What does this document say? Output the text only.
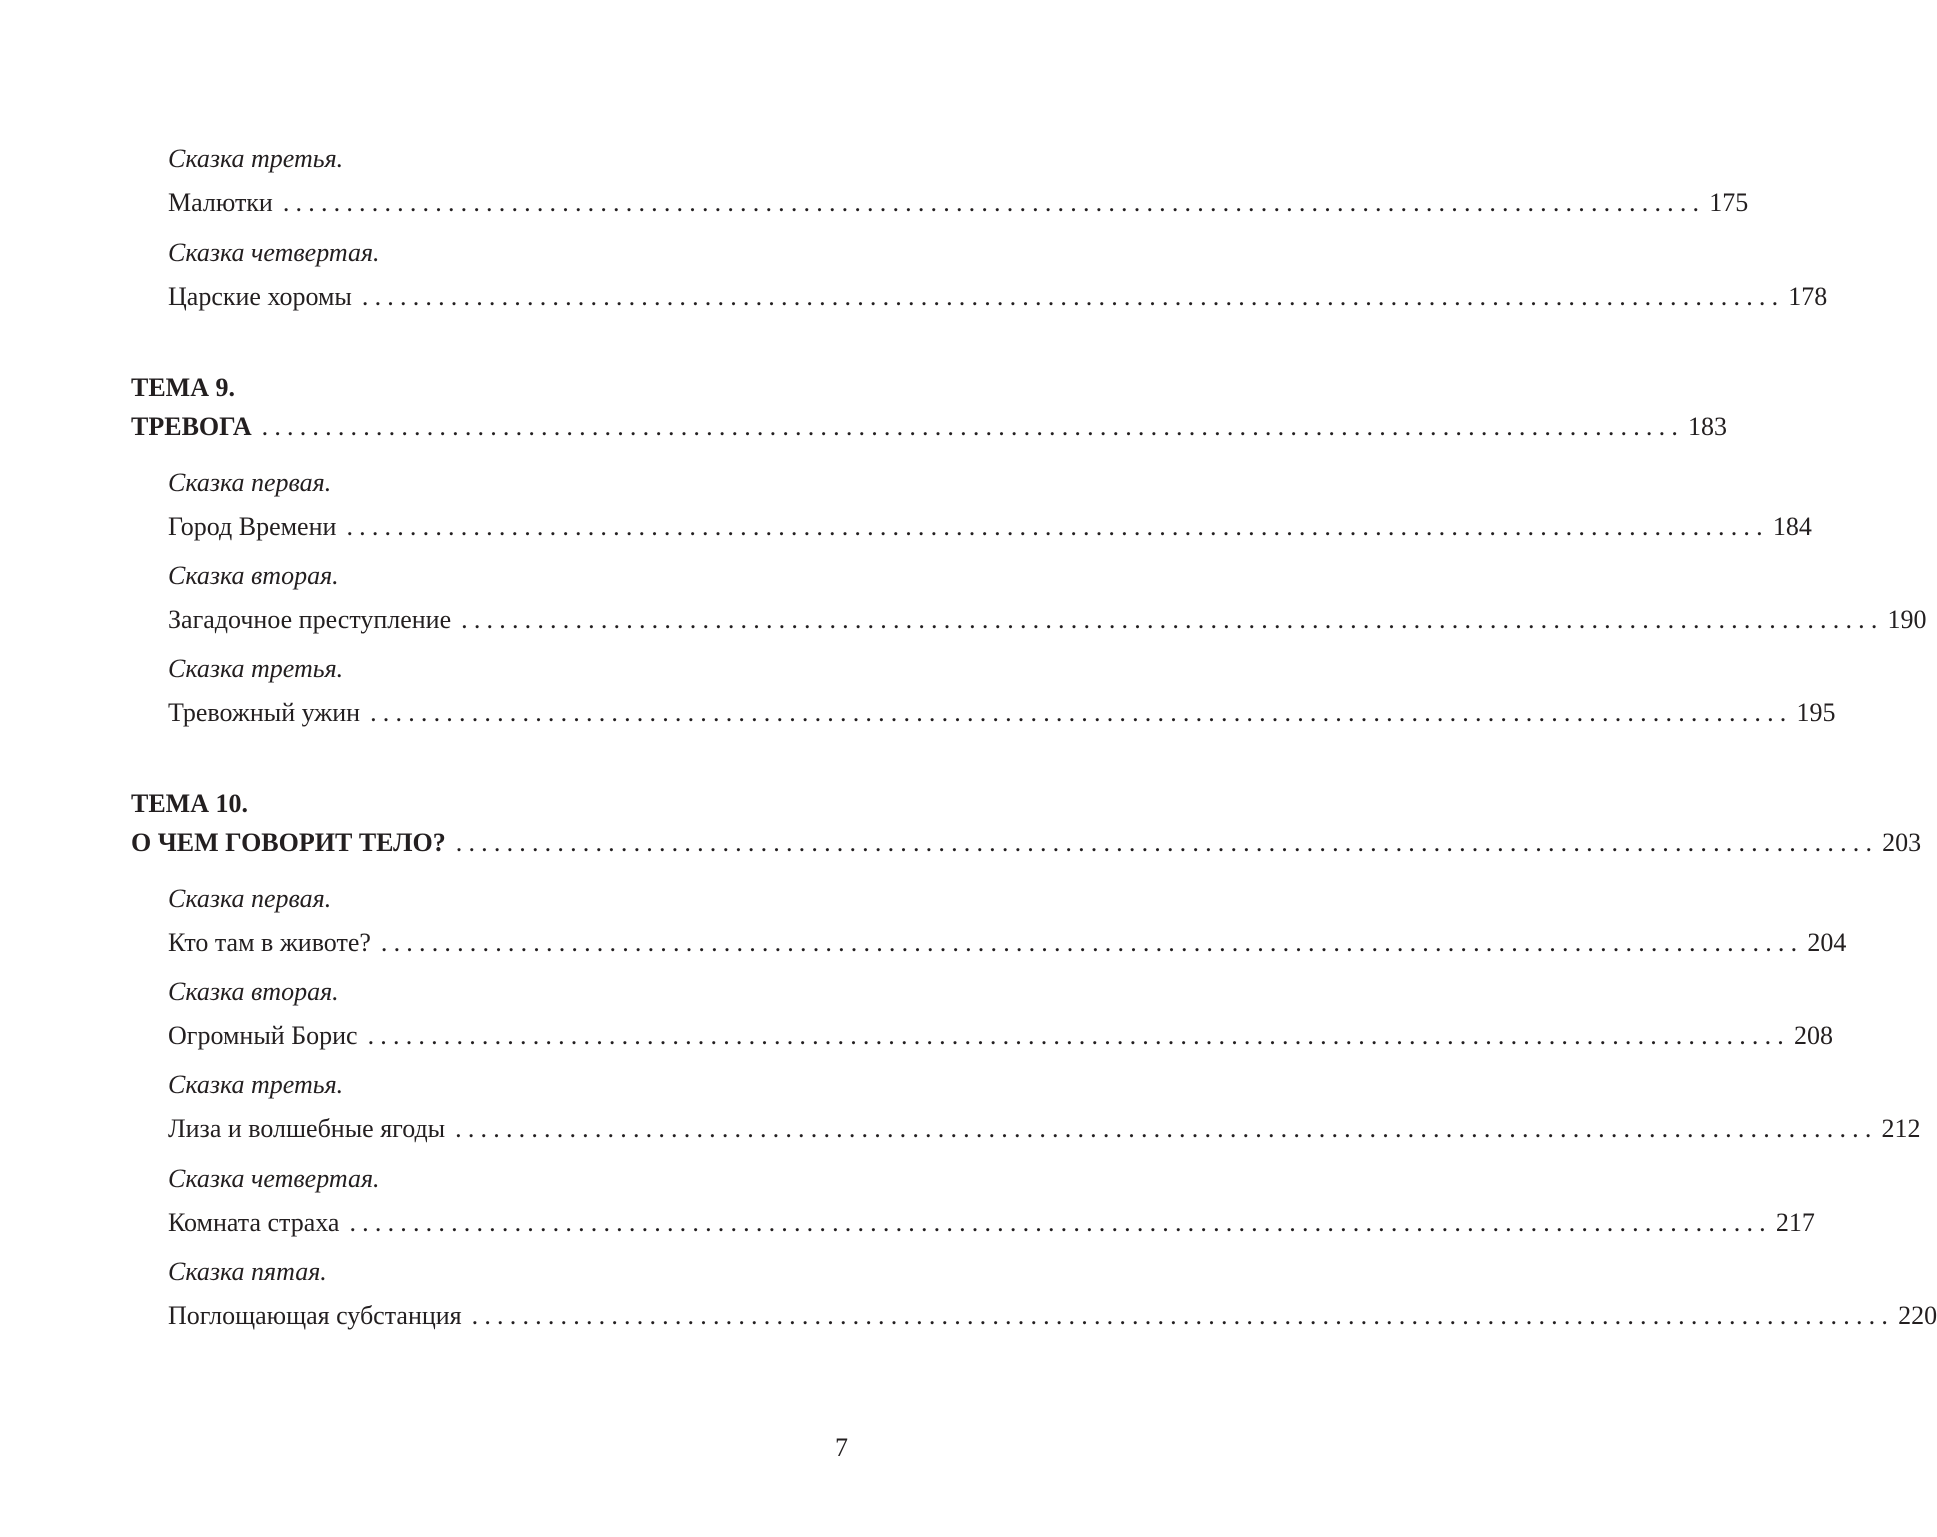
Сказка третья.
Малютки ................................................................................................................ 175
Сказка четвертая.
Царские хоромы ................................................................................................................ 178
ТЕМА 9.
ТРЕВОГА ................................................................................................................ 183
Сказка первая.
Город Времени ................................................................................................................ 184
Сказка вторая.
Загадочное преступление ................................................................................................................ 190
Сказка третья.
Тревожный ужин ................................................................................................................ 195
ТЕМА 10.
О ЧЕМ ГОВОРИТ ТЕЛО? ................................................................................................................ 203
Сказка первая.
Кто там в животе? ................................................................................................................ 204
Сказка вторая.
Огромный Борис ................................................................................................................ 208
Сказка третья.
Лиза и волшебные ягоды ................................................................................................................ 212
Сказка четвертая.
Комната страха ................................................................................................................ 217
Сказка пятая.
Поглощающая субстанция ................................................................................................................ 220
7
